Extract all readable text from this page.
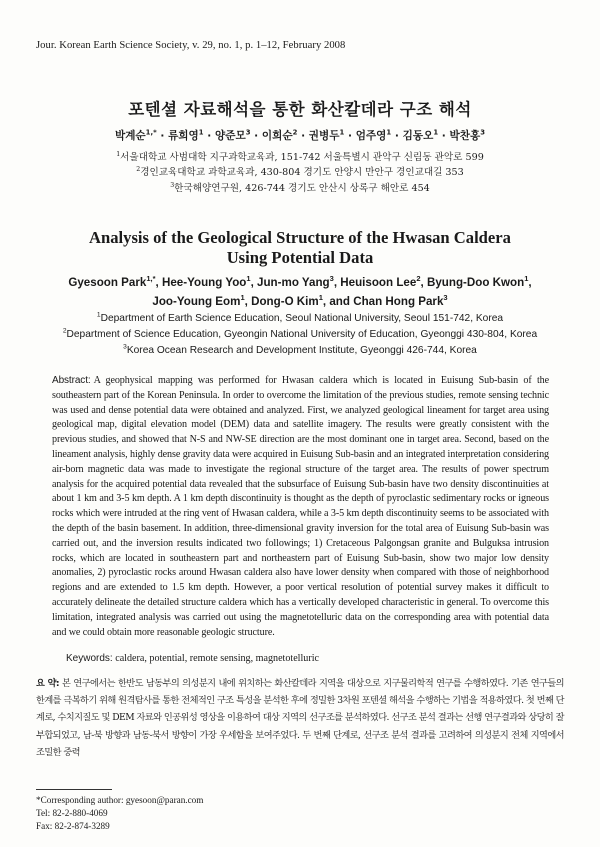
Jour. Korean Earth Science Society, v. 29, no. 1, p. 1–12, February 2008
포텐셜 자료해석을 통한 화산칼데라 구조 해석
박계순$^{1,*}$ · 류희영$^1$ · 양준모$^3$ · 이희순$^2$ · 권병두$^1$ · 엄주영$^1$ · 김동오$^1$ · 박찬홍$^3$
$^1$서울대학교 사범대학 지구과학교육과, 151-742 서울특별시 관악구 신림동 관악로 599
$^2$경인교육대학교 과학교육과, 430-804 경기도 안양시 만안구 경인교대길 353
$^3$한국해양연구원, 426-744 경기도 안산시 상록구 해안로 454
Analysis of the Geological Structure of the Hwasan Caldera
Using Potential Data
Gyesoon Park$^{1,*}$, Hee-Young Yoo$^1$, Jun-mo Yang$^3$, Heuisoon Lee$^2$, Byung-Doo Kwon$^1$,
Joo-Young Eom$^1$, Dong-O Kim$^1$, and Chan Hong Park$^3$
$^1$Department of Earth Science Education, Seoul National University, Seoul 151-742, Korea
$^2$Department of Science Education, Gyeongin National University of Education, Gyeonggi 430-804, Korea
$^3$Korea Ocean Research and Development Institute, Gyeonggi 426-744, Korea
Abstract: A geophysical mapping was performed for Hwasan caldera which is located in Euisung Sub-basin of the southeastern part of the Korean Peninsula. In order to overcome the limitation of the previous studies, remote sensing technic was used and dense potential data were obtained and analyzed. First, we analyzed geological lineament for target area using geological map, digital elevation model (DEM) data and satellite imagery. The results were greatly consistent with the previous studies, and showed that N-S and NW-SE direction are the most dominant one in target area. Second, based on the lineament analysis, highly dense gravity data were acquired in Euisung Sub-basin and an integrated interpretation considering air-born magnetic data was made to investigate the regional structure of the target area. The results of power spectrum analysis for the acquired potential data revealed that the subsurface of Euisung Sub-basin have two density discontinuities at about 1 km and 3-5 km depth. A 1 km depth discontinuity is thought as the depth of pyroclastic sedimentary rocks or igneous rocks which were intruded at the ring vent of Hwasan caldera, while a 3-5 km depth discontinuity seems to be associated with the depth of the basin basement. In addition, three-dimensional gravity inversion for the total area of Euisung Sub-basin was carried out, and the inversion results indicated two followings; 1) Cretaceous Palgongsan granite and Bulguksa intrusion rocks, which are located in southeastern part and northeastern part of Euisung Sub-basin, show two major low density anomalies, 2) pyroclastic rocks around Hwasan caldera also have lower density when compared with those of neighborhood regions and are extended to 1.5 km depth. However, a poor vertical resolution of potential survey makes it difficult to accurately delineate the detailed structure caldera which has a vertically developed characteristic in general. To overcome this limitation, integrated analysis was carried out using the magnetotelluric data on the corresponding area with potential data and we could obtain more reasonable geologic structure.
Keywords: caldera, potential, remote sensing, magnetotelluric
요 약: 본 연구에서는 한반도 남동부의 의성분지 내에 위치하는 화산칼데라 지역을 대상으로 지구물리학적 연구를 수행하였다. 기존 연구들의 한계를 극복하기 위해 원격탐사를 통한 전체적인 구조 특성을 분석한 후에 정밀한 3차원 포텐셜 해석을 수행하는 기법을 적용하였다. 첫 번째 단계로, 수치지질도 및 DEM 자료와 인공위성 영상을 이용하여 대상 지역의 선구조를 분석하였다. 선구조 분석 결과는 선행 연구결과와 상당히 잘 부합되었고, 남-북 방향과 남동-북서 방향이 가장 우세함을 보여주었다. 두 번째 단계로, 선구조 분석 결과를 고려하여 의성분지 전체 지역에서 조밀한 중력
*Corresponding author: gyesoon@paran.com
Tel: 82-2-880-4069
Fax: 82-2-874-3289
